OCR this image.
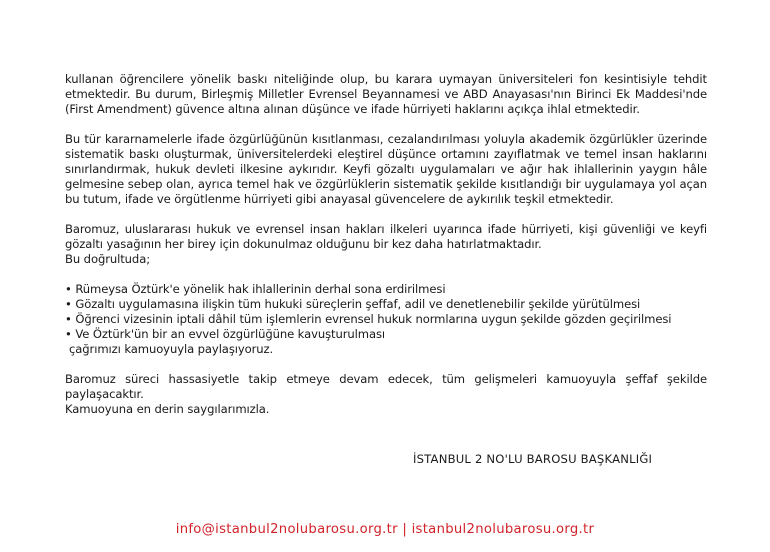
kullanan öğrencilere yönelik baskı niteliğinde olup, bu karara uymayan üniversiteleri fon kesintisiyle tehdit etmektedir. Bu durum, Birleşmiş Milletler Evrensel Beyannamesi ve ABD Anayasası'nın Birinci Ek Maddesi'nde (First Amendment) güvence altına alınan düşünce ve ifade hürriyeti haklarını açıkça ihlal etmektedir.

Bu tür kararnamelerle ifade özgürlüğünün kısıtlanması, cezalandırılması yoluyla akademik özgürlükler üzerinde sistematik baskı oluşturmak, üniversitelerdeki eleştirel düşünce ortamını zayıflatmak ve temel insan haklarını sınırlandırmak, hukuk devleti ilkesine aykırıdır. Keyfi gözaltı uygulamaları ve ağır hak ihlallerinin yaygın hâle gelmesine sebep olan, ayrıca temel hak ve özgürlüklerin sistematik şekilde kısıtlandığı bir uygulamaya yol açan bu tutum, ifade ve örgütlenme hürriyeti gibi anayasal güvencelere de aykırılık teşkil etmektedir.

Baromuz, uluslararası hukuk ve evrensel insan hakları ilkeleri uyarınca ifade hürriyeti, kişi güvenliği ve keyfi gözaltı yasağının her birey için dokunulmaz olduğunu bir kez daha hatırlatmaktadır.
Bu doğrultuda;
• Rümeysa Öztürk'e yönelik hak ihlallerinin derhal sona erdirilmesi
• Gözaltı uygulamasına ilişkin tüm hukuki süreçlerin şeffaf, adil ve denetlenebilir şekilde yürütülmesi
• Öğrenci vizesinin iptali dâhil tüm işlemlerin evrensel hukuk normlarına uygun şekilde gözden geçirilmesi
• Ve Öztürk'ün bir an evvel özgürlüğüne kavuşturulması
çağrımızı kamuoyuyla paylaşıyoruz.
Baromuz süreci hassasiyetle takip etmeye devam edecek, tüm gelişmeleri kamuoyuyla şeffaf şekilde paylaşacaktır.
Kamuoyuna en derin saygılarımızla.
İSTANBUL 2 NO'LU BAROSU BAŞKANLIĞI
info@istanbul2nolubarosu.org.tr | istanbul2nolubarosu.org.tr
